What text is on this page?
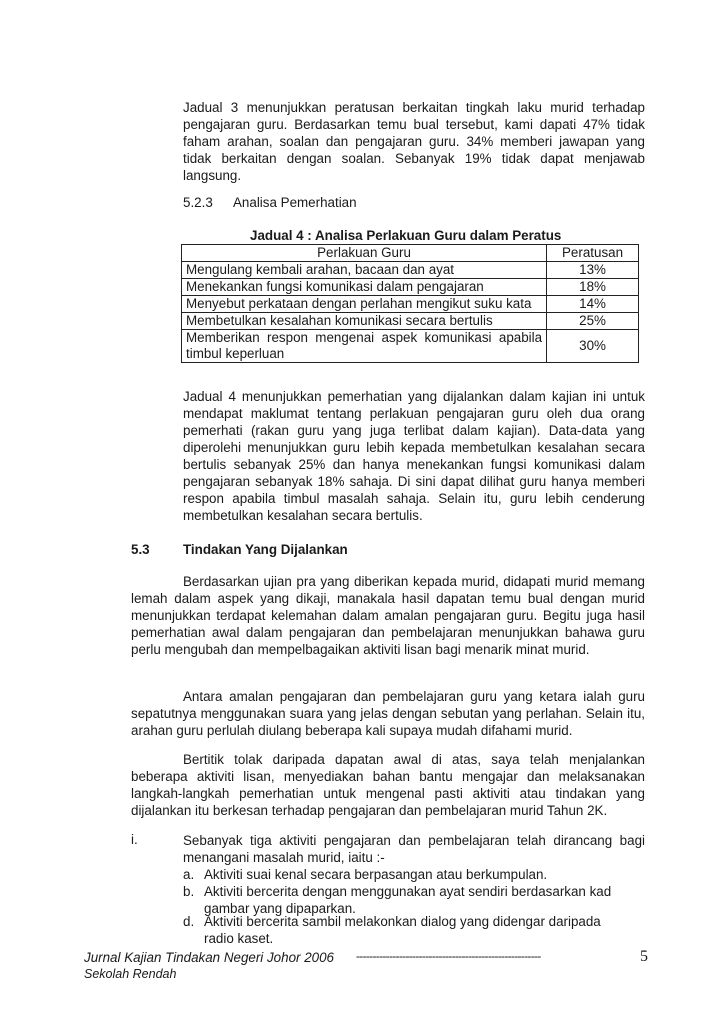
Jadual 3 menunjukkan peratusan berkaitan tingkah laku murid terhadap pengajaran guru. Berdasarkan temu bual tersebut, kami dapati 47% tidak faham arahan, soalan dan pengajaran guru. 34% memberi jawapan yang tidak berkaitan dengan soalan. Sebanyak 19% tidak dapat menjawab langsung.

5.2.3 Analisa Pemerhatian
Jadual 4 : Analisa Perlakuan Guru dalam Peratus
Perlakuan Guru	Peratusan
Mengulang kembali arahan, bacaan dan ayat	13%
Menekankan fungsi komunikasi dalam pengajaran	18%
Menyebut perkataan dengan perlahan mengikut suku kata	14%
Membetulkan kesalahan komunikasi secara bertulis	25%
Memberikan respon mengenai aspek komunikasi apabila timbul keperluan	30%

Jadual 4 menunjukkan pemerhatian yang dijalankan dalam kajian ini untuk mendapat maklumat tentang perlakuan pengajaran guru oleh dua orang pemerhati (rakan guru yang juga terlibat dalam kajian). Data-data yang diperolehi menunjukkan guru lebih kepada membetulkan kesalahan secara bertulis sebanyak 25% dan hanya menekankan fungsi komunikasi dalam pengajaran sebanyak 18% sahaja. Di sini dapat dilihat guru hanya memberi respon apabila timbul masalah sahaja. Selain itu, guru lebih cenderung membetulkan kesalahan secara bertulis.

5.3 Tindakan Yang Dijalankan

Berdasarkan ujian pra yang diberikan kepada murid, didapati murid memang lemah dalam aspek yang dikaji, manakala hasil dapatan temu bual dengan murid menunjukkan terdapat kelemahan dalam amalan pengajaran guru. Begitu juga hasil pemerhatian awal dalam pengajaran dan pembelajaran menunjukkan bahawa guru perlu mengubah dan mempelbagaikan aktiviti lisan bagi menarik minat murid.

Antara amalan pengajaran dan pembelajaran guru yang ketara ialah guru sepatutnya menggunakan suara yang jelas dengan sebutan yang perlahan. Selain itu, arahan guru perlulah diulang beberapa kali supaya mudah difahami murid.

Bertitik tolak daripada dapatan awal di atas, saya telah menjalankan beberapa aktiviti lisan, menyediakan bahan bantu mengajar dan melaksanakan langkah-langkah pemerhatian untuk mengenal pasti aktiviti atau tindakan yang dijalankan itu berkesan terhadap pengajaran dan pembelajaran murid Tahun 2K.

i.	Sebanyak tiga aktiviti pengajaran dan pembelajaran telah dirancang bagi menangani masalah murid, iaitu :-

a. Aktiviti suai kenal secara berpasangan atau berkumpulan.
b. Aktiviti bercerita dengan menggunakan ayat sendiri berdasarkan kad gambar yang dipaparkan.
d. Aktiviti bercerita sambil melakonkan dialog yang didengar daripada radio kaset.
Jurnal Kajian Tindakan Negeri Johor 2006 --------------------------------------------------------	5
Sekolah Rendah
